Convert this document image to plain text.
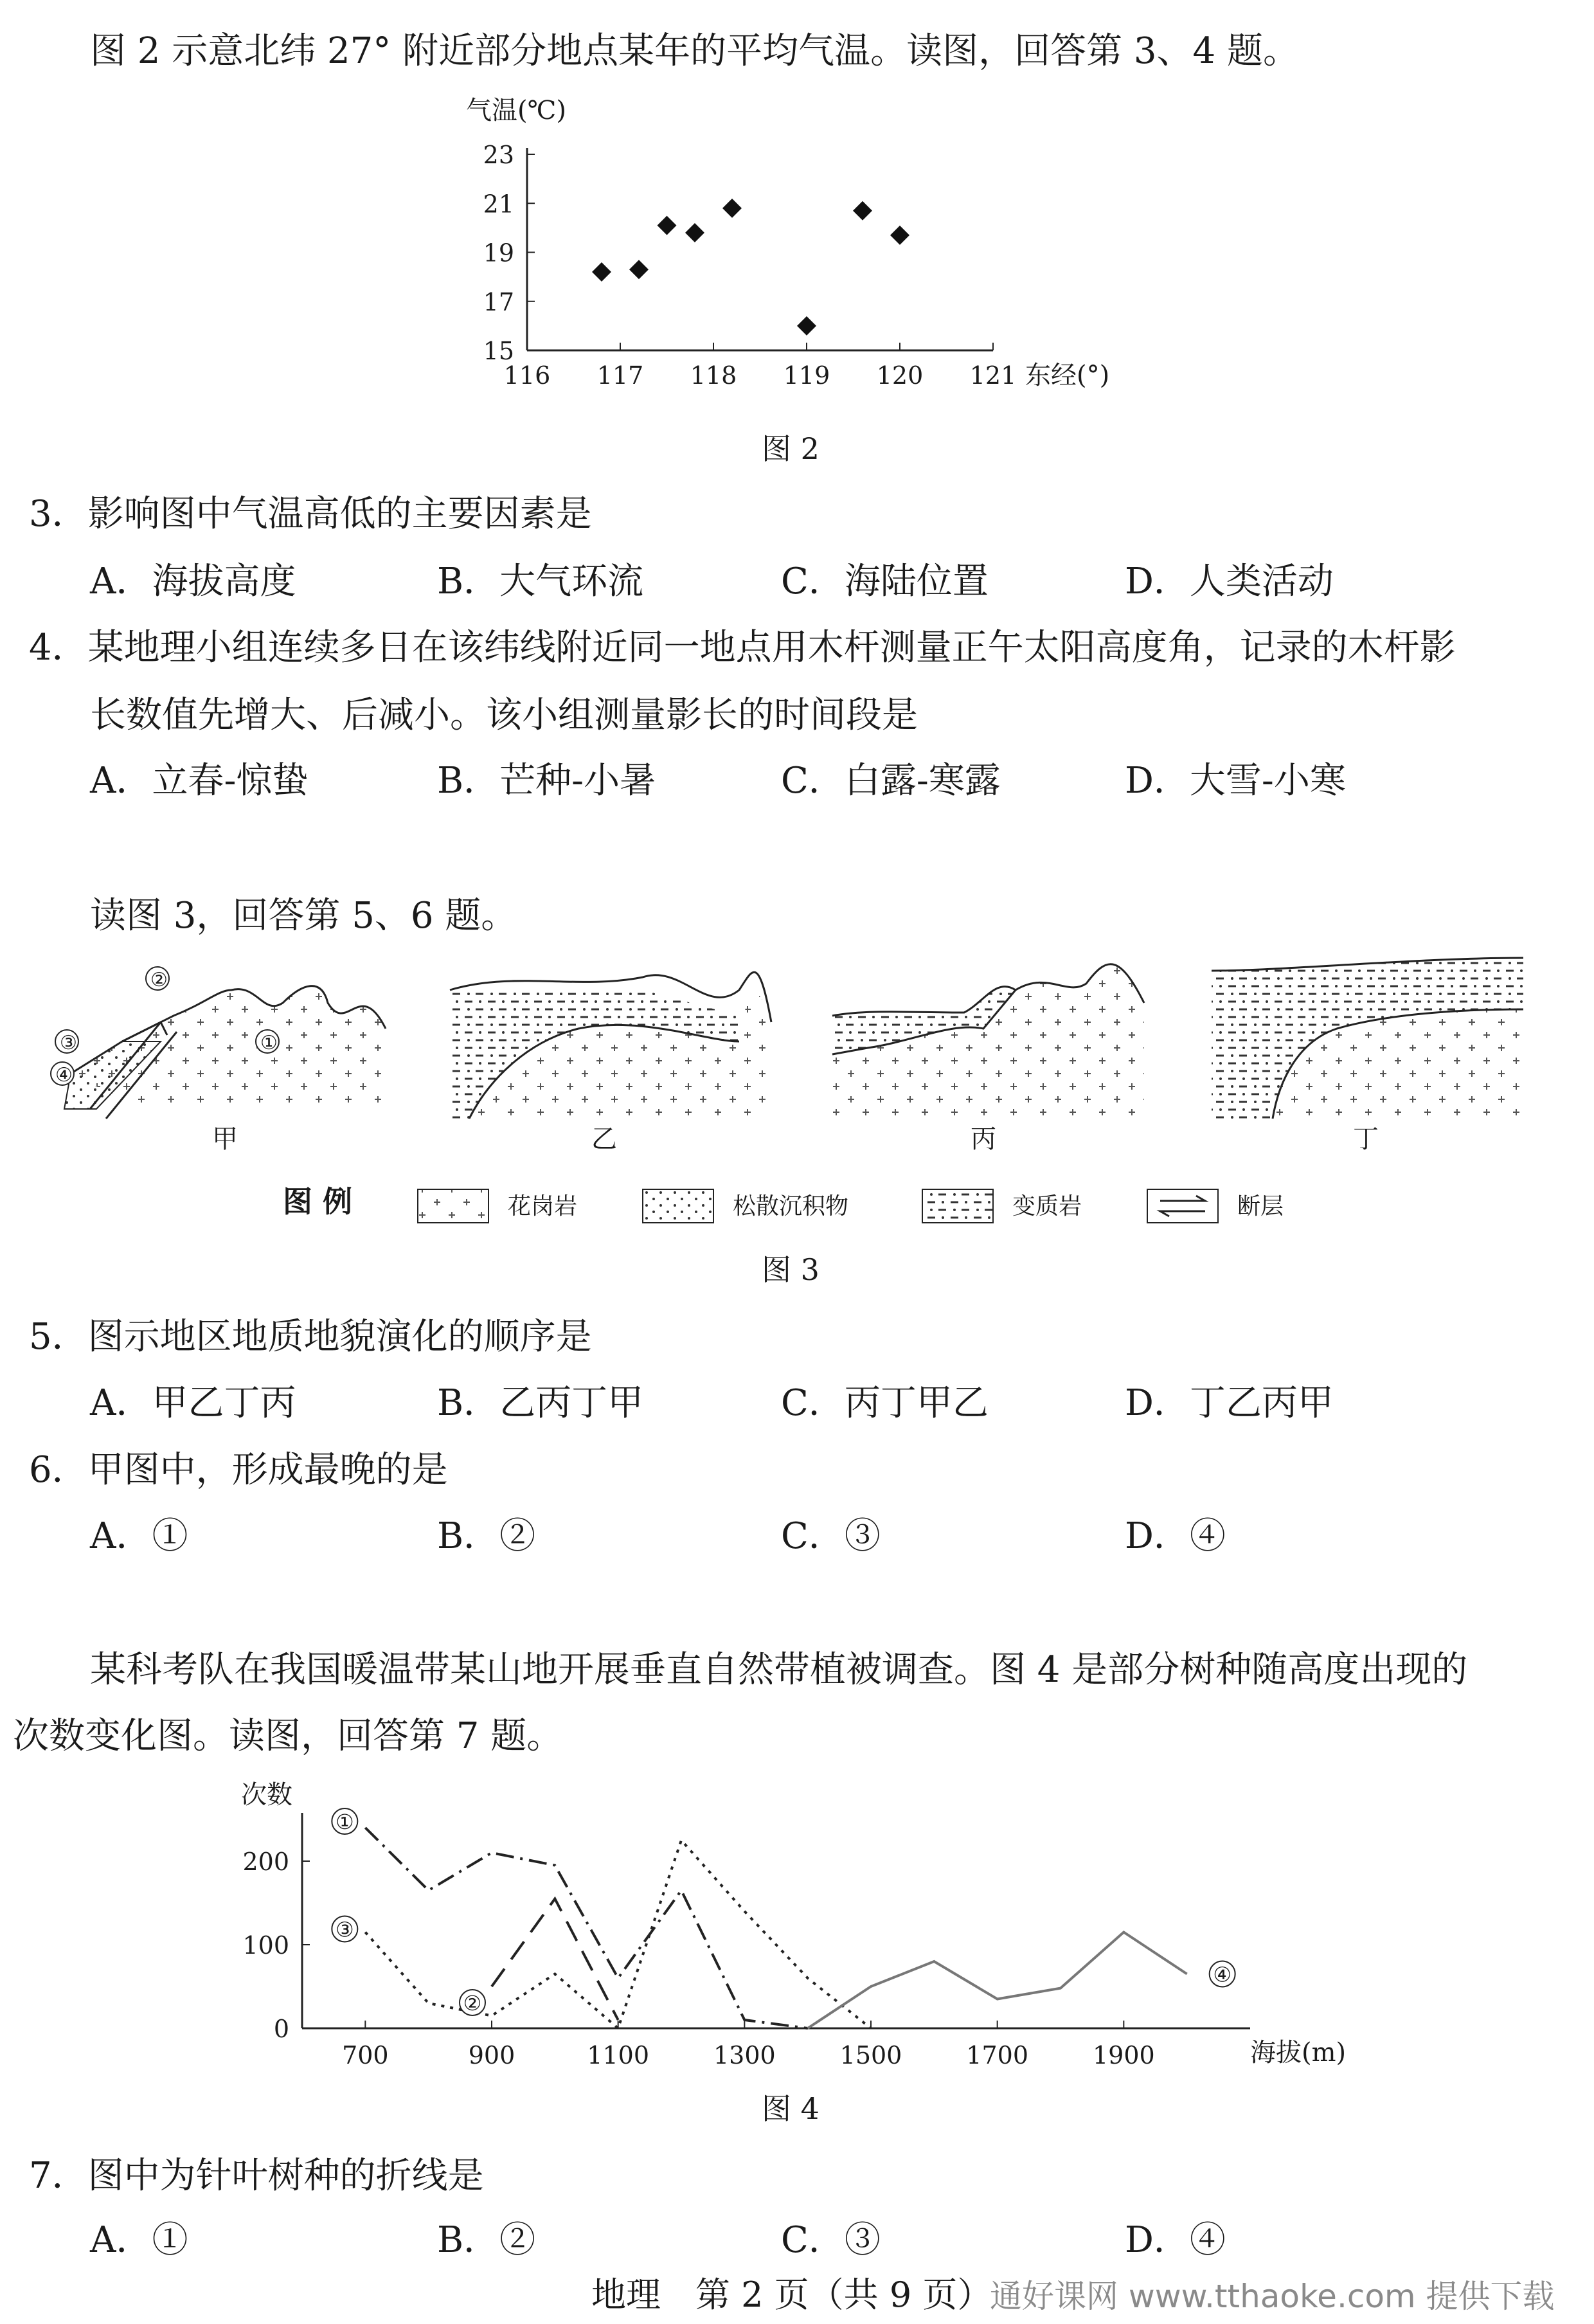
图 2 示意北纬 27° 附近部分地点某年的平均气温。读图，回答第 3、4 题。
气温(℃)
15
17
19
21
23
116 117 118 119 120 121 东经(°)
图 2
3．影响图中气温高低的主要因素是
A．海拔高度	B．大气环流	C．海陆位置	D．人类活动
4．某地理小组连续多日在该纬线附近同一地点用木杆测量正午太阳高度角，记录的木杆影
长数值先增大、后减小。该小组测量影长的时间段是
A．立春-惊蛰	B．芒种-小暑	C．白露-寒露	D．大雪-小寒
读图 3，回答第 5、6 题。
③
②
④
①
甲	乙	丙	丁
图 例	花岗岩	松散沉积物	变质岩	断层
图 3
5．图示地区地质地貌演化的顺序是
A．甲乙丁丙	B．乙丙丁甲	C．丙丁甲乙	D．丁乙丙甲
6．甲图中，形成最晚的是
A．①	B．②	C．③	D．④
某科考队在我国暖温带某山地开展垂直自然带植被调查。图 4 是部分树种随高度出现的
次数变化图。读图，回答第 7 题。
次数
0
100
200
700	900	1100	1300	1500	1700	1900
①
②
③
④
海拔(m)
图 4
7．图中为针叶树种的折线是
A．①	B．②	C．③	D．④
地理　第 2 页（共 9 页）
通好课网 www.tthaoke.com 提供下载
